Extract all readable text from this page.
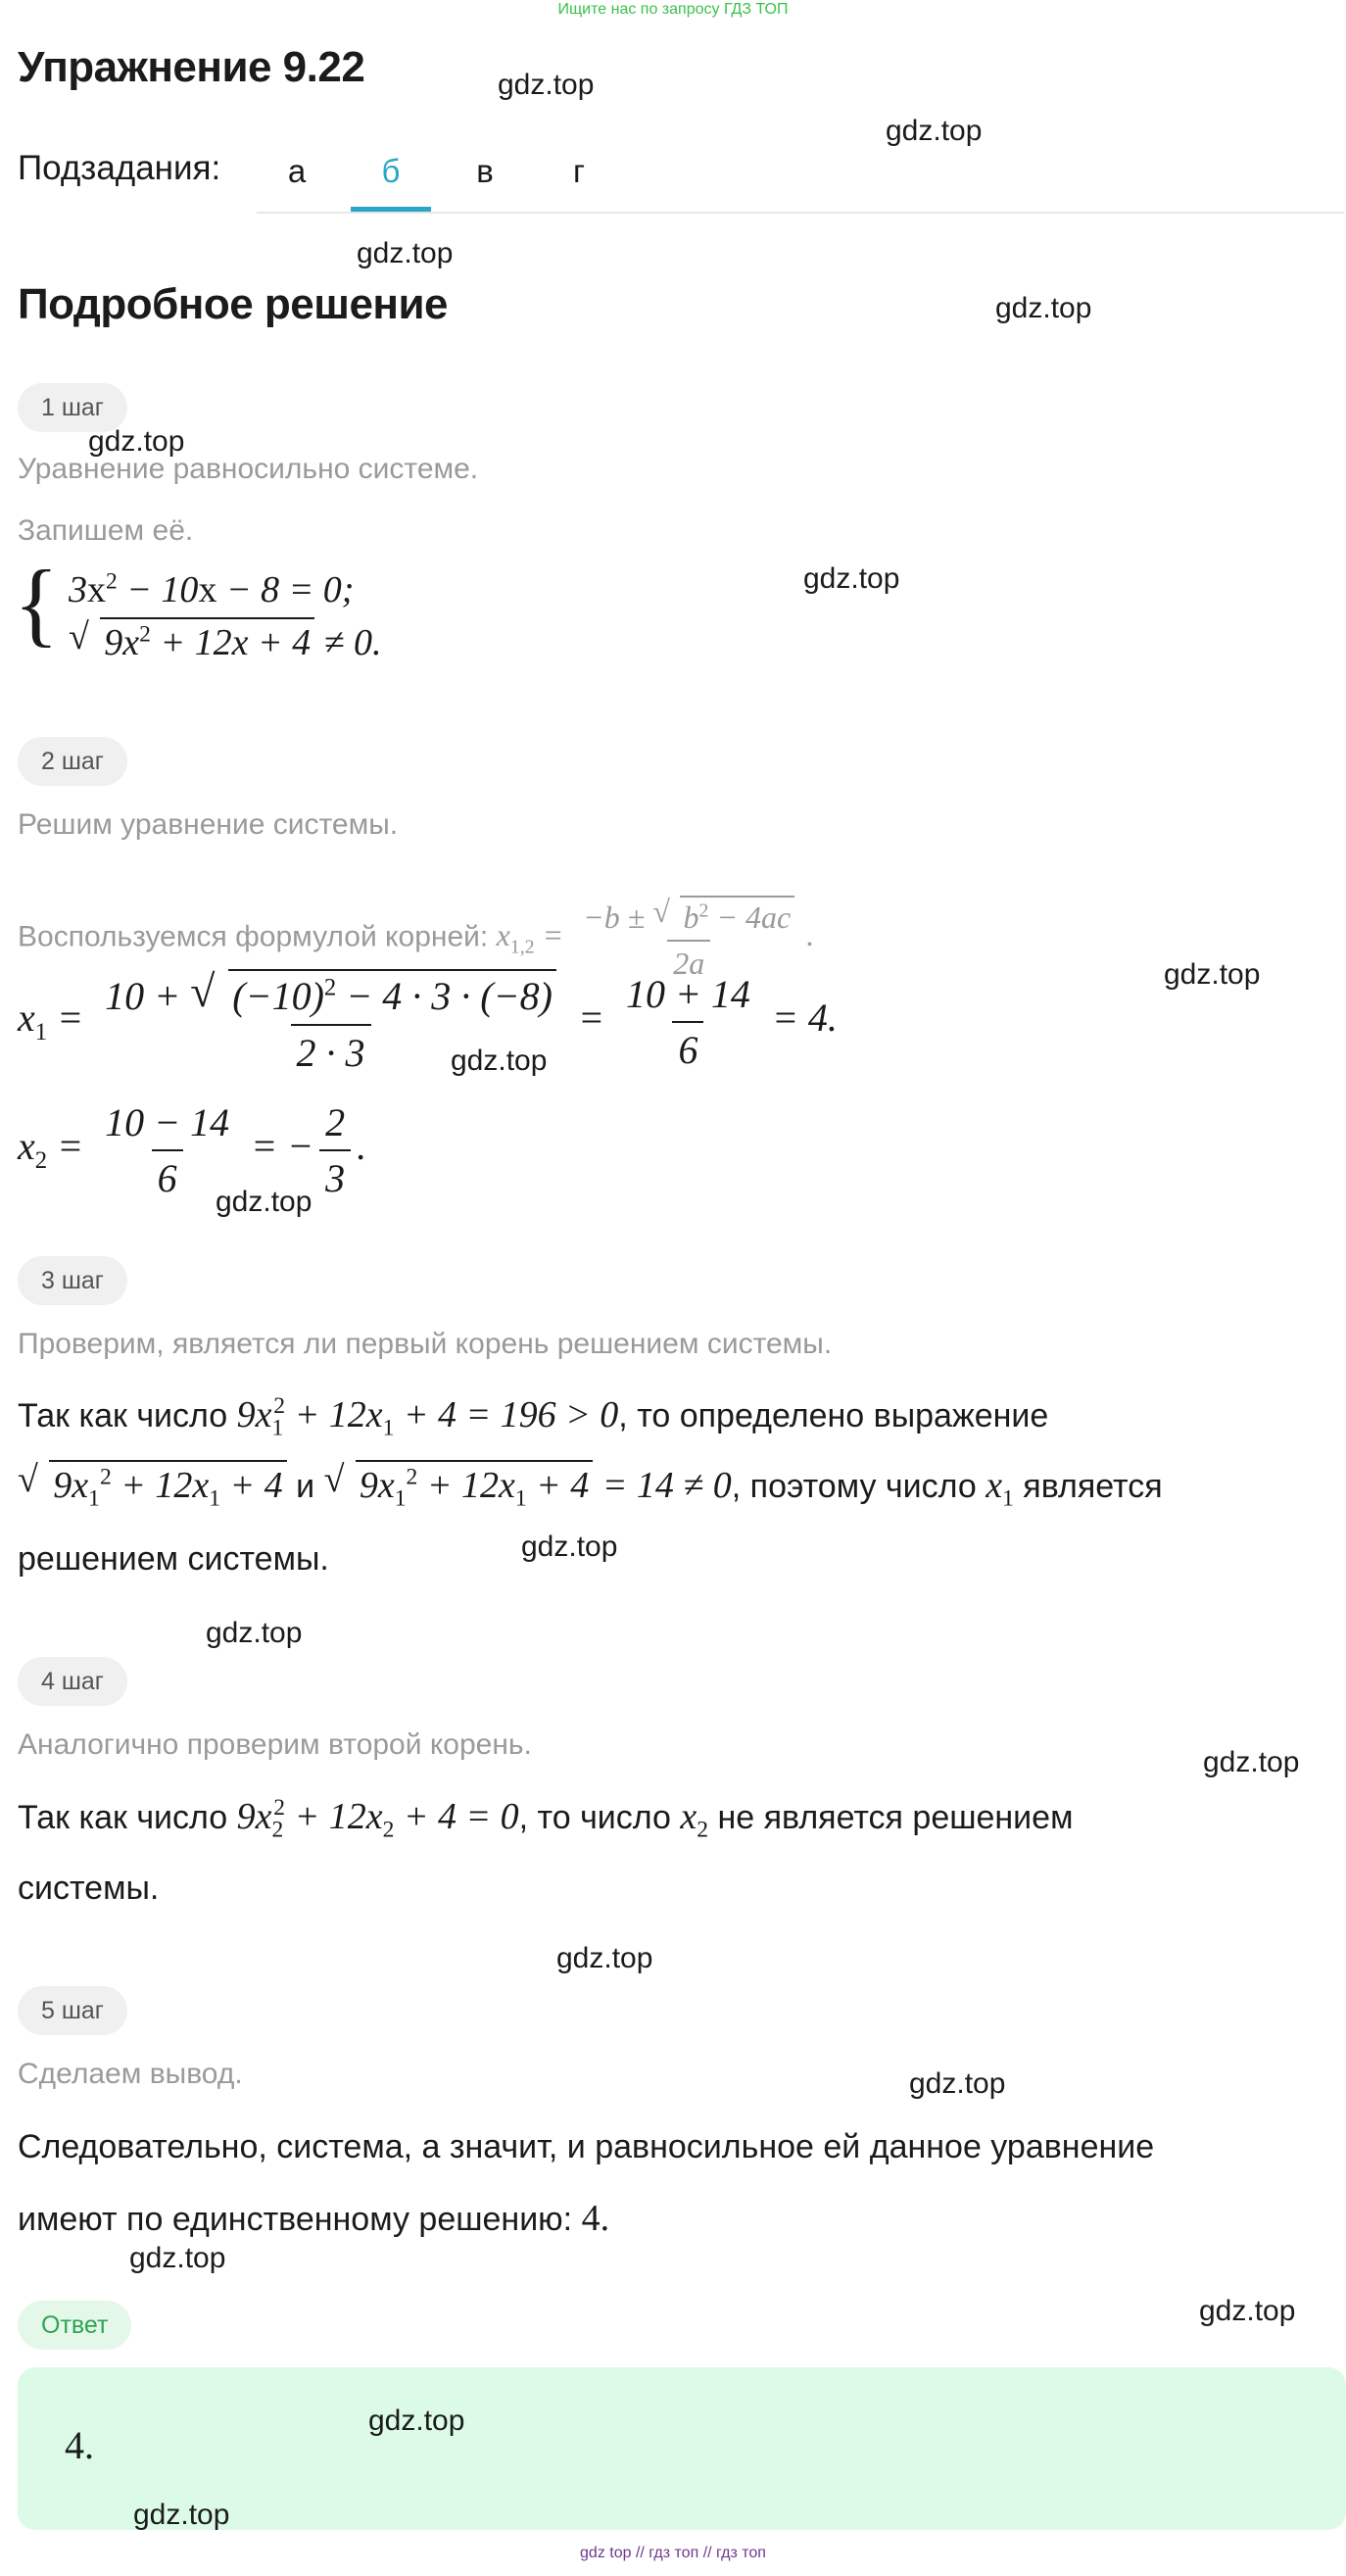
Ищите нас по запросу ГДЗ ТОП
Упражнение 9.22
Подзадания:	а	б	в	г
Подробное решение
1 шаг
Уравнение равносильно системе.
Запишем её.
{ $3x^2 - 10x - 8 = 0$;
√ $9x^2 + 12x + 4 \ne 0$.
2 шаг
Решим уравнение системы.
Воспользуемся формулой корней: $x_{1,2} = \frac{-b \pm √ b^2 - 4ac}{2a}$ .
$x_1 = \frac{10 + √ (-10)^2 - 4 \cdot 3 \cdot (-8)}{2 \cdot 3} = \frac{10 + 14}{6} = 4$.
$x_2 = \frac{10 - 14}{6}$ = − $\frac{2}{3}$ .
3 шаг
Проверим, является ли первый корень решением системы.
Так как число $9x_1^2 + 12x_1 + 4 = 196 > 0$, то определено выражение
√ $9x_1^2 + 12x_1 + 4$ и √ $9x_1^2 + 12x_1 + 4 = 14 \ne 0$, поэтому число $x_1$ является
решением системы.
4 шаг
Аналогично проверим второй корень.
Так как число $9x_2^2 + 12x_2 + 4 = 0$, то число $x_2$ не является решением
системы.
5 шаг
Сделаем вывод.
Следовательно, система, а значит, и равносильное ей данное уравнение
имеют по единственному решению: 4.
Ответ
4.
gdz.top
gdz.top
gdz.top
gdz.top
gdz.top
gdz.top
gdz.top
gdz.top
gdz.top
gdz.top
gdz.top
gdz.top
gdz.top
gdz.top
gdz.top
gdz.top
gdz.top
gdz.top
gdz top // гдз топ // гдз топ
